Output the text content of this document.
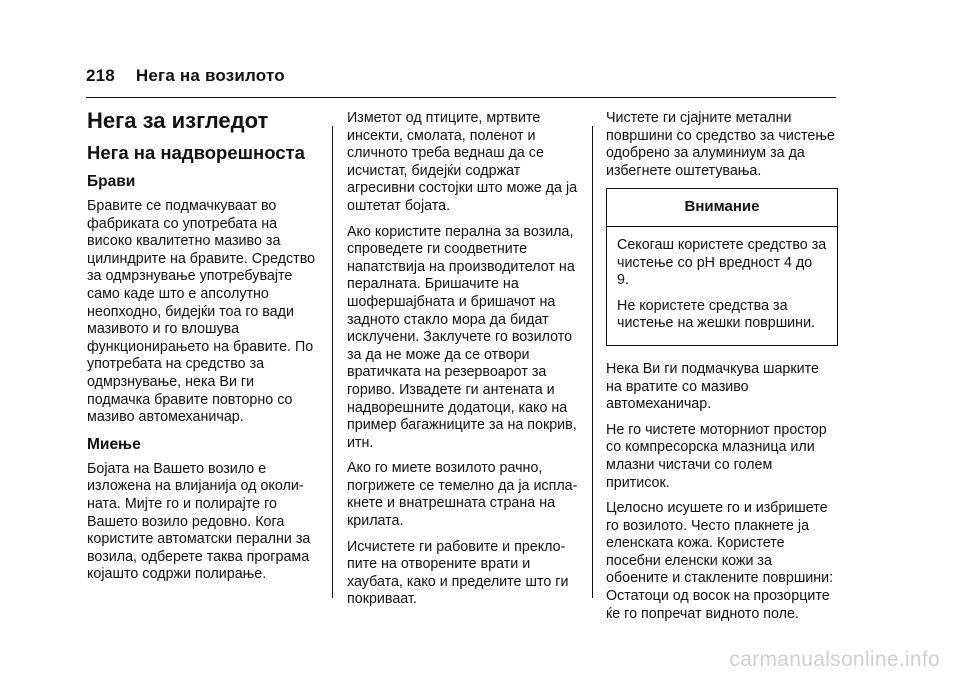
218 Нега на возилото
Нега за изгледот
Нега на надворешноста
Брави

Бравите се подмачкуваат во фабриката со употребата на високо квалитетно мазиво за цилиндрите на бравите. Средство за одмрзнување употребувајте само каде што е апсолутно неопходно, бидејќи тоа го вади мазивото и го влошува функционирањето на бравите. По употребата на средство за одмрзнување, нека Ви ги подмачка бравите повторно со мазиво автомеханичар.

Миење

Бојата на Вашето возило е изложена на влијанија од околи-ната. Мијте го и полирајте го Вашето возило редовно. Кога користите автоматски перални за возила, одберете таква програма којашто содржи полирање.

Изметот од птиците, мртвите инсекти, смолата, поленот и сличното треба веднаш да се исчистат, бидејќи содржат агресивни состојки што може да ја оштетат бојата.

Ако користите перална за возила, спроведете ги соодветните напатствија на производителот на пералната. Бришачите на шофершајбната и бришачот на задното стакло мора да бидат исклучени. Заклучете го возилото за да не може да се отвори вратичката на резервоарот за гориво. Извадете ги антената и надворешните додатоци, како на пример багажниците за на покрив, итн.

Ако го миете возилото рачно, погрижете се темелно да ја испла-кнете и внатрешната страна на крилата.

Исчистете ги рабовите и прекло-пите на отворените врати и хаубата, како и пределите што ги покриваат.

Чистете ги сјајните метални површини со средство за чистење одобрено за алуминиум за да избегнете оштетувања.

Внимание

Секогаш користете средство за чистење со pH вредност 4 до 9.

Не користете средства за чистење на жешки површини.

Нека Ви ги подмачкува шарките на вратите со мазиво автомеханичар.

Не го чистете моторниот простор со компресорска млазница или млазни чистачи со голем притисок.

Целосно исушете го и избришете го возилото. Често плакнете ја еленската кожа. Користете посебни еленски кожи за обоените и стаклените површини: Остатоци од восок на прозорците ќе го попречат видното поле.

carmanualsonline.info
